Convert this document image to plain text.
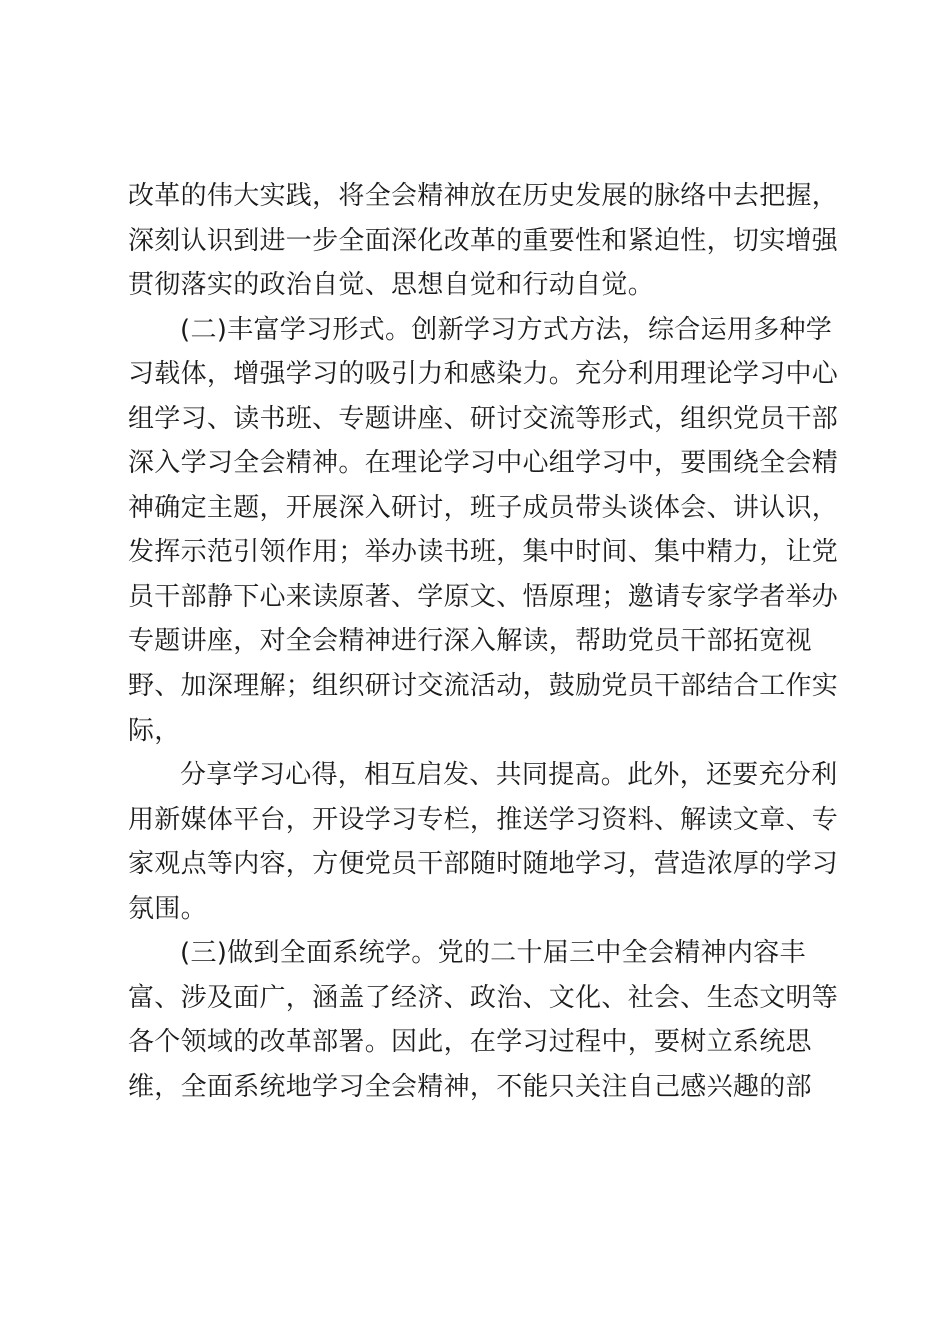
改革的伟大实践，将全会精神放在历史发展的脉络中去把握，
深刻认识到进一步全面深化改革的重要性和紧迫性，切实增强
贯彻落实的政治自觉、思想自觉和行动自觉。
(二)丰富学习形式。创新学习方式方法，综合运用多种学
习载体，增强学习的吸引力和感染力。充分利用理论学习中心
组学习、读书班、专题讲座、研讨交流等形式，组织党员干部
深入学习全会精神。在理论学习中心组学习中，要围绕全会精
神确定主题，开展深入研讨，班子成员带头谈体会、讲认识，
发挥示范引领作用；举办读书班，集中时间、集中精力，让党
员干部静下心来读原著、学原文、悟原理；邀请专家学者举办
专题讲座，对全会精神进行深入解读，帮助党员干部拓宽视
野、加深理解；组织研讨交流活动，鼓励党员干部结合工作实
际，
分享学习心得，相互启发、共同提高。此外，还要充分利
用新媒体平台，开设学习专栏，推送学习资料、解读文章、专
家观点等内容，方便党员干部随时随地学习，营造浓厚的学习
氛围。
(三)做到全面系统学。党的二十届三中全会精神内容丰
富、涉及面广，涵盖了经济、政治、文化、社会、生态文明等
各个领域的改革部署。因此，在学习过程中，要树立系统思
维，全面系统地学习全会精神，不能只关注自己感兴趣的部
